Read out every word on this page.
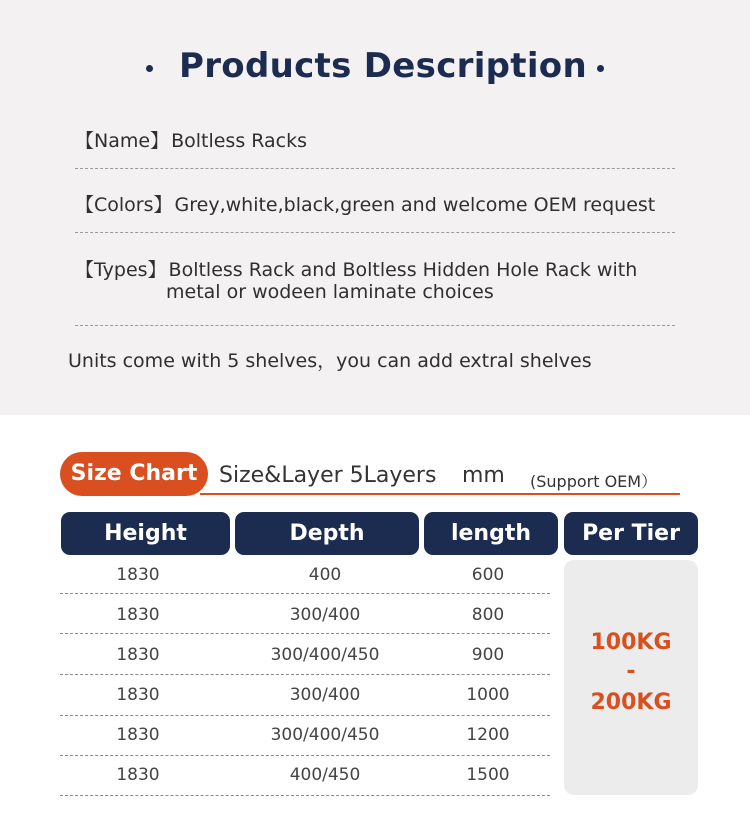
Products Description
【Name】 Boltless Racks
【Colors】 Grey,white,black,green and welcome OEM request
【Types】 Boltless Rack and Boltless Hidden Hole Rack with
metal or wodeen laminate choices
Units come with 5 shelves，you can add extral shelves
Size Chart Size&Layer 5Layers mm (Support OEM）
Height	Depth	length	Per Tier
1830	400	600
1830	300/400	800
1830	300/400/450	900
1830	300/400	1000
1830	300/400/450	1200
1830	400/450	1500
100KG
-
200KG
